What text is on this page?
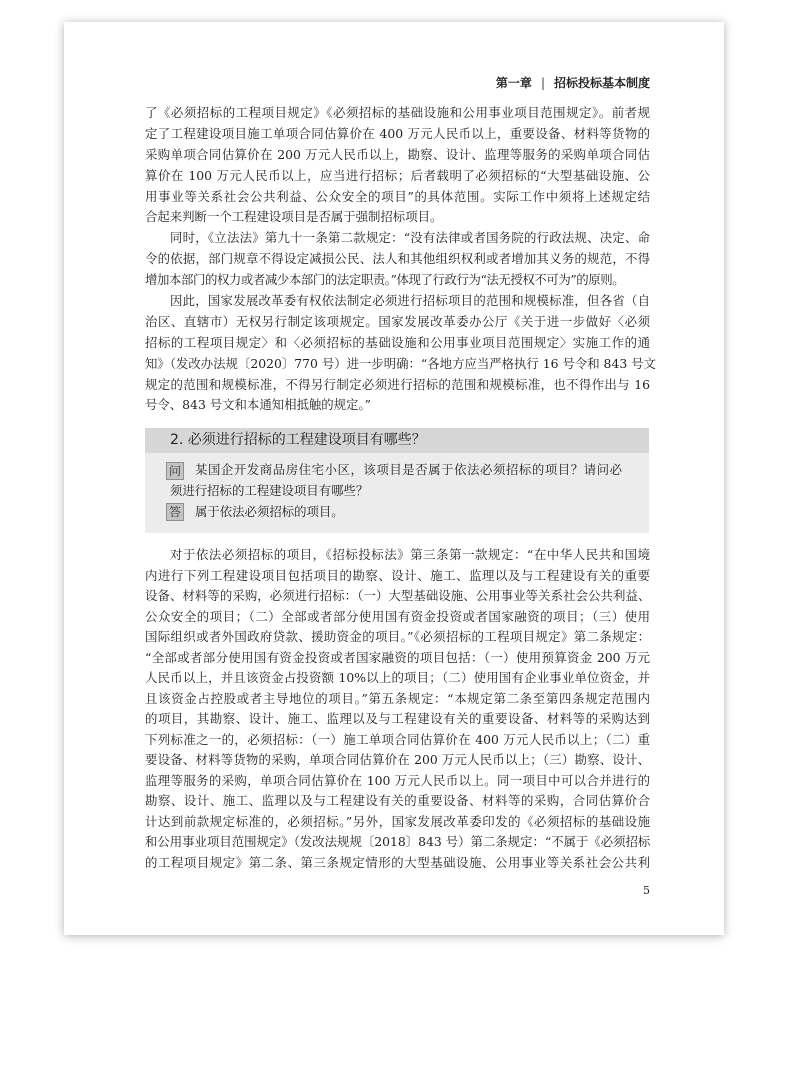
第一章 | 招标投标基本制度
了《必须招标的工程项目规定》《必须招标的基础设施和公用事业项目范围规定》。前者规
定了工程建设项目施工单项合同估算价在 400 万元人民币以上，重要设备、材料等货物的
采购单项合同估算价在 200 万元人民币以上，勘察、设计、监理等服务的采购单项合同估
算价在 100 万元人民币以上，应当进行招标；后者载明了必须招标的“大型基础设施、公
用事业等关系社会公共利益、公众安全的项目”的具体范围。实际工作中须将上述规定结
合起来判断一个工程建设项目是否属于强制招标项目。
同时，《立法法》第九十一条第二款规定：“没有法律或者国务院的行政法规、决定、命
令的依据，部门规章不得设定减损公民、法人和其他组织权利或者增加其义务的规范，不得
增加本部门的权力或者减少本部门的法定职责。”体现了行政行为“法无授权不可为”的原则。
因此，国家发展改革委有权依法制定必须进行招标项目的范围和规模标准，但各省（自
治区、直辖市）无权另行制定该项规定。国家发展改革委办公厅《关于进一步做好〈必须
招标的工程项目规定〉和〈必须招标的基础设施和公用事业项目范围规定〉实施工作的通
知》（发改办法规〔2020〕770 号）进一步明确：“各地方应当严格执行 16 号令和 843 号文
规定的范围和规模标准，不得另行制定必须进行招标的范围和规模标准，也不得作出与 16
号令、843 号文和本通知相抵触的规定。”
2. 必须进行招标的工程建设项目有哪些？
问 某国企开发商品房住宅小区，该项目是否属于依法必须招标的项目？请问必
须进行招标的工程建设项目有哪些？
答 属于依法必须招标的项目。
对于依法必须招标的项目，《招标投标法》第三条第一款规定：“在中华人民共和国境
内进行下列工程建设项目包括项目的勘察、设计、施工、监理以及与工程建设有关的重要
设备、材料等的采购，必须进行招标：（一）大型基础设施、公用事业等关系社会公共利益、
公众安全的项目；（二）全部或者部分使用国有资金投资或者国家融资的项目；（三）使用
国际组织或者外国政府贷款、援助资金的项目。”《必须招标的工程项目规定》第二条规定：
“全部或者部分使用国有资金投资或者国家融资的项目包括：（一）使用预算资金 200 万元
人民币以上，并且该资金占投资额 10%以上的项目；（二）使用国有企业事业单位资金，并
且该资金占控股或者主导地位的项目。”第五条规定：“本规定第二条至第四条规定范围内
的项目，其勘察、设计、施工、监理以及与工程建设有关的重要设备、材料等的采购达到
下列标准之一的，必须招标：（一）施工单项合同估算价在 400 万元人民币以上；（二）重
要设备、材料等货物的采购，单项合同估算价在 200 万元人民币以上；（三）勘察、设计、
监理等服务的采购，单项合同估算价在 100 万元人民币以上。同一项目中可以合并进行的
勘察、设计、施工、监理以及与工程建设有关的重要设备、材料等的采购，合同估算价合
计达到前款规定标准的，必须招标。”另外，国家发展改革委印发的《必须招标的基础设施
和公用事业项目范围规定》（发改法规规〔2018〕843 号）第二条规定：“不属于《必须招标
的工程项目规定》第二条、第三条规定情形的大型基础设施、公用事业等关系社会公共利
5
